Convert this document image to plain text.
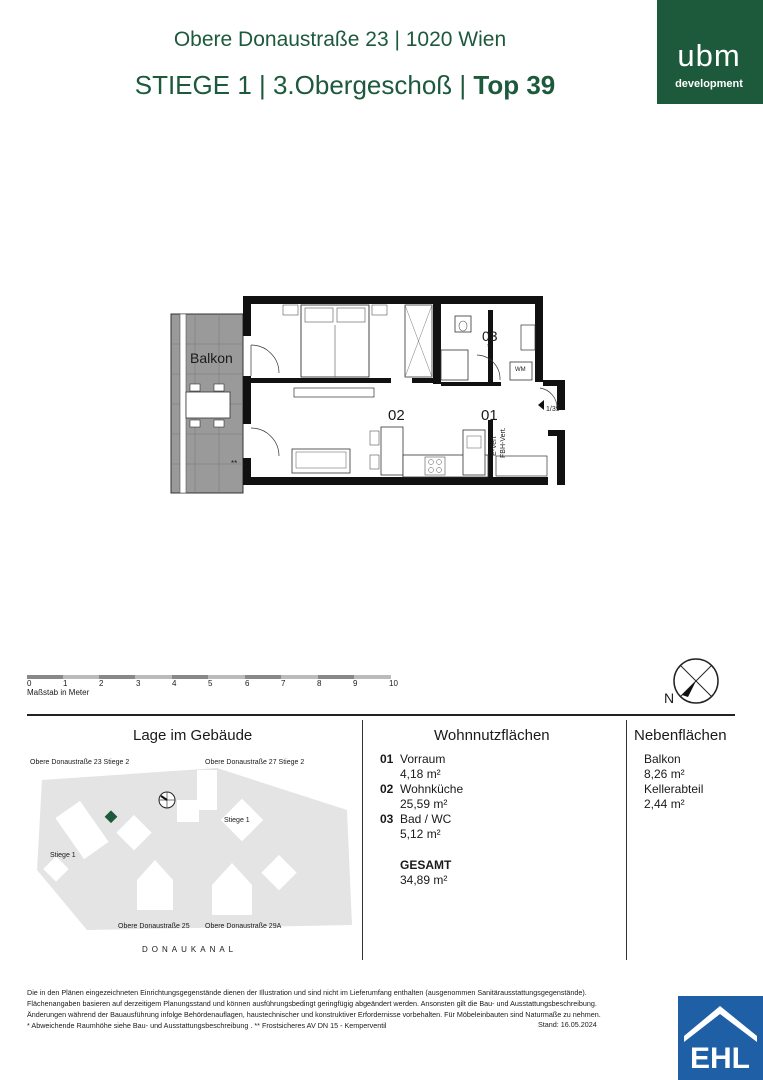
Obere Donaustraße 23 | 1020 Wien
STIEGE 1 | 3.Obergeschoß | Top 39
ubm
development
Balkon
02	01
03
*
**
1/39
WM
E-Vert FBH-Vert.
0	1	2	3	4	5	6	7	8	9	10
Maßstab in Meter	N
Lage im Gebäude	Wohnnutzflächen	Nebenflächen
Obere Donaustraße 23 Stiege 2	Obere Donaustraße 27 Stiege 2
Stiege 1
Stiege 1
Obere Donaustraße 25 Obere Donaustraße 29A
DONAUKANAL
01 Vorraum
4,18 m²
02 Wohnküche
25,59 m²
03 Bad / WC
5,12 m²
GESAMT
34,89 m²
Balkon
8,26 m²
Kellerabteil
2,44 m²
Die in den Plänen eingezeichneten Einrichtungsgegenstände dienen der Illustration und sind nicht im Lieferumfang enthalten (ausgenommen Sanitärausstattungsgegenstände).
Flächenangaben basieren auf derzeitigem Planungsstand und können ausführungsbedingt geringfügig abgeändert werden. Ansonsten gilt die Bau- und Ausstattungsbeschreibung.
Änderungen während der Bauausführung infolge Behördenauflagen, haustechnischer und konstruktiver Erfordernisse vorbehalten. Für Möbeleinbauten sind Naturmaße zu nehmen.
* Abweichende Raumhöhe siehe Bau- und Ausstattungsbeschreibung . ** Frostsicheres AV DN 15 - Kemperventil	Stand: 16.05.2024
EHL
